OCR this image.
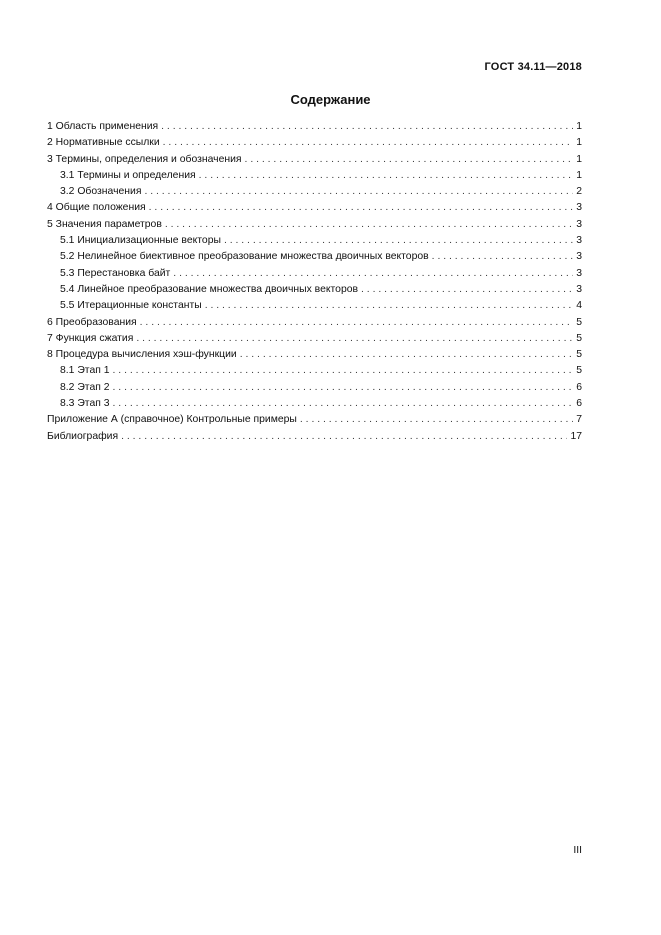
ГОСТ 34.11—2018
Содержание
1 Область применения . . .	1
2 Нормативные ссылки . . .	1
3 Термины, определения и обозначения . . .	1
3.1 Термины и определения . . .	1
3.2 Обозначения . . .	2
4 Общие положения . . .	3
5 Значения параметров . . .	3
5.1 Инициализационные векторы . . .	3
5.2 Нелинейное биективное преобразование множества двоичных векторов . . .	3
5.3 Перестановка байт . . .	3
5.4 Линейное преобразование множества двоичных векторов . . .	3
5.5 Итерационные константы . . .	4
6 Преобразования . . .	5
7 Функция сжатия . . .	5
8 Процедура вычисления хэш-функции . . .	5
8.1 Этап 1 . . .	5
8.2 Этап 2 . . .	6
8.3 Этап 3 . . .	6
Приложение А (справочное) Контрольные примеры . . .	7
Библиография . . .	17
III
